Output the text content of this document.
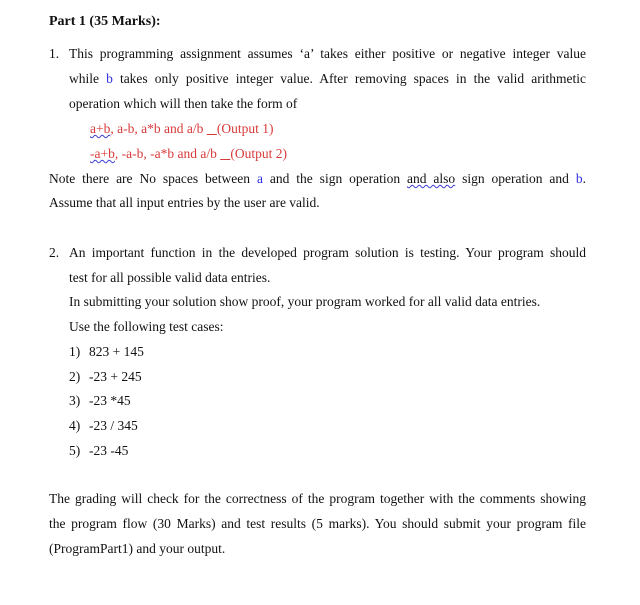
Part 1 (35 Marks):
1. This programming assignment assumes ‘a’ takes either positive or negative integer value
while b takes only positive integer value. After removing spaces in the valid arithmetic
operation which will then take the form of
a+b, a-b, a*b and a/b    (Output 1)
-a+b, -a-b, -a*b and a/b    (Output 2)
Note there are No spaces between a and the sign operation and also sign operation and b.
Assume that all input entries by the user are valid.
2. An important function in the developed program solution is testing. Your program should
test for all possible valid data entries.
In submitting your solution show proof, your program worked for all valid data entries.
Use the following test cases:
1) 823 + 145
2) -23 + 245
3) -23 *45
4) -23 / 345
5) -23 -45
The grading will check for the correctness of the program together with the comments showing
the program flow (30 Marks) and test results (5 marks). You should submit your program file
(ProgramPart1) and your output.
